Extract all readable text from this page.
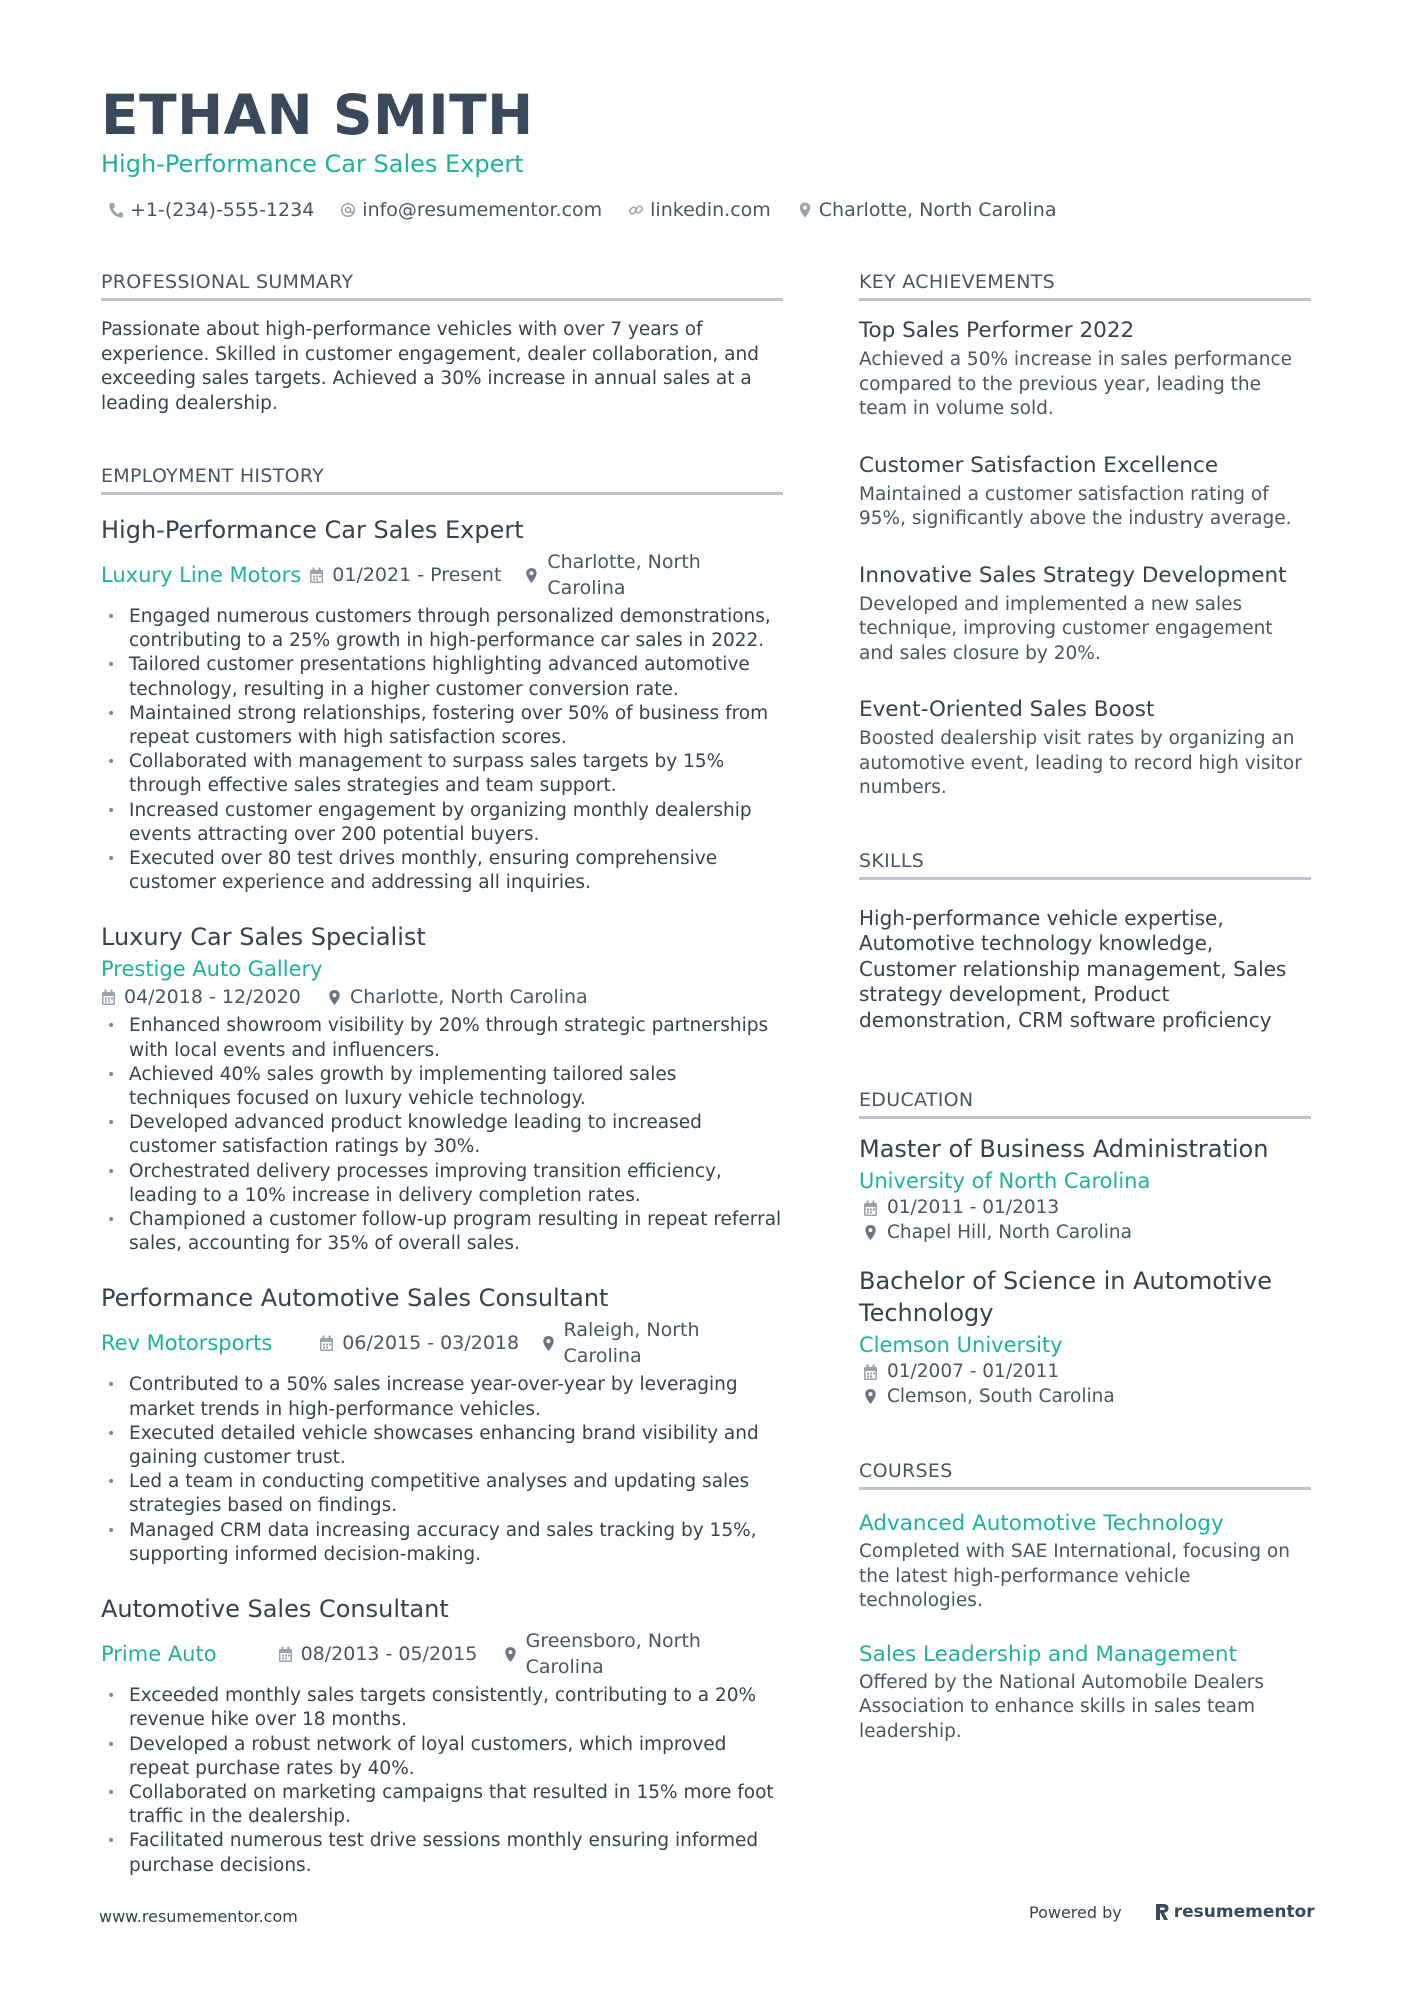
ETHAN SMITH
High-Performance Car Sales Expert
+1-(234)-555-1234	info@resumementor.com	linkedin.com	Charlotte, North Carolina
PROFESSIONAL SUMMARY
Passionate about high-performance vehicles with over 7 years of experience. Skilled in customer engagement, dealer collaboration, and exceeding sales targets. Achieved a 30% increase in annual sales at a leading dealership.
EMPLOYMENT HISTORY
High-Performance Car Sales Expert
Luxury Line Motors	01/2021 - Present
Charlotte, North Carolina
• Engaged numerous customers through personalized demonstrations, contributing to a 25% growth in high-performance car sales in 2022.
• Tailored customer presentations highlighting advanced automotive technology, resulting in a higher customer conversion rate.
• Maintained strong relationships, fostering over 50% of business from repeat customers with high satisfaction scores.
• Collaborated with management to surpass sales targets by 15% through effective sales strategies and team support.
• Increased customer engagement by organizing monthly dealership events attracting over 200 potential buyers.
• Executed over 80 test drives monthly, ensuring comprehensive customer experience and addressing all inquiries.
Luxury Car Sales Specialist
Prestige Auto Gallery
04/2018 - 12/2020	Charlotte, North Carolina
• Enhanced showroom visibility by 20% through strategic partnerships with local events and influencers.
• Achieved 40% sales growth by implementing tailored sales techniques focused on luxury vehicle technology.
• Developed advanced product knowledge leading to increased customer satisfaction ratings by 30%.
• Orchestrated delivery processes improving transition efficiency, leading to a 10% increase in delivery completion rates.
• Championed a customer follow-up program resulting in repeat referral sales, accounting for 35% of overall sales.
Performance Automotive Sales Consultant
Rev Motorsports	06/2015 - 03/2018
Raleigh, North Carolina
• Contributed to a 50% sales increase year-over-year by leveraging market trends in high-performance vehicles.
• Executed detailed vehicle showcases enhancing brand visibility and gaining customer trust.
• Led a team in conducting competitive analyses and updating sales strategies based on findings.
• Managed CRM data increasing accuracy and sales tracking by 15%, supporting informed decision-making.
Automotive Sales Consultant
Prime Auto	08/2013 - 05/2015
Greensboro, North Carolina
• Exceeded monthly sales targets consistently, contributing to a 20% revenue hike over 18 months.
• Developed a robust network of loyal customers, which improved repeat purchase rates by 40%.
• Collaborated on marketing campaigns that resulted in 15% more foot traffic in the dealership.
• Facilitated numerous test drive sessions monthly ensuring informed purchase decisions.
KEY ACHIEVEMENTS
Top Sales Performer 2022
Achieved a 50% increase in sales performance compared to the previous year, leading the team in volume sold.
Customer Satisfaction Excellence
Maintained a customer satisfaction rating of 95%, significantly above the industry average.
Innovative Sales Strategy Development
Developed and implemented a new sales technique, improving customer engagement and sales closure by 20%.
Event-Oriented Sales Boost
Boosted dealership visit rates by organizing an automotive event, leading to record high visitor numbers.
SKILLS
High-performance vehicle expertise, Automotive technology knowledge, Customer relationship management, Sales strategy development, Product demonstration, CRM software proficiency
EDUCATION
Master of Business Administration
University of North Carolina
01/2011 - 01/2013
Chapel Hill, North Carolina
Bachelor of Science in Automotive Technology
Clemson University
01/2007 - 01/2011
Clemson, South Carolina
COURSES
Advanced Automotive Technology
Completed with SAE International, focusing on the latest high-performance vehicle technologies.
Sales Leadership and Management
Offered by the National Automobile Dealers Association to enhance skills in sales team leadership.
www.resumementor.com	Powered by	resumementor
